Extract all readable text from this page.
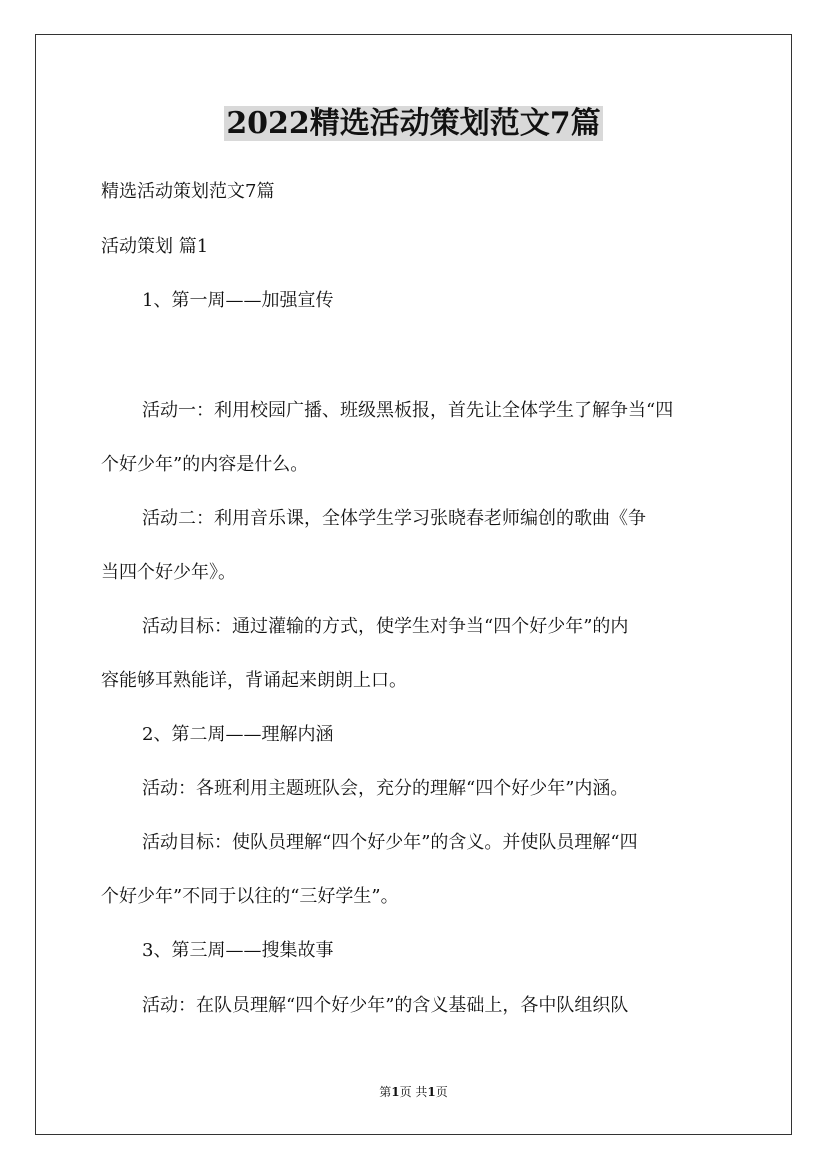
2022精选活动策划范文7篇

精选活动策划范文7篇

活动策划 篇1

1、第一周——加强宣传

活动一：利用校园广播、班级黑板报，首先让全体学生了解争当“四

个好少年”的内容是什么。

活动二：利用音乐课，全体学生学习张晓春老师编创的歌曲《争

当四个好少年》。

活动目标：通过灌输的方式，使学生对争当“四个好少年”的内

容能够耳熟能详，背诵起来朗朗上口。

2、第二周——理解内涵

活动：各班利用主题班队会，充分的理解“四个好少年”内涵。

活动目标：使队员理解“四个好少年”的含义。并使队员理解“四

个好少年”不同于以往的“三好学生”。

3、第三周——搜集故事

活动：在队员理解“四个好少年”的含义基础上，各中队组织队

第1页 共1页
